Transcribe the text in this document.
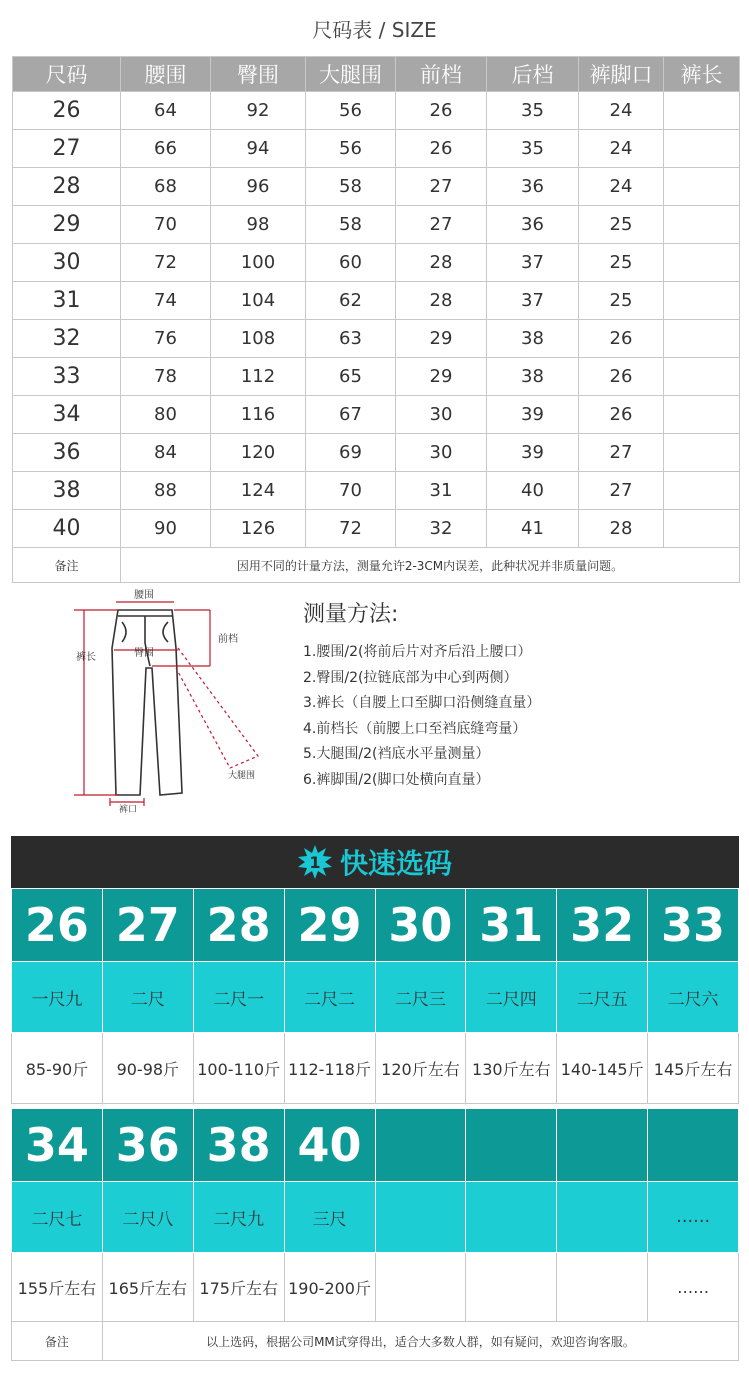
尺码表 / SIZE
尺码	腰围	臀围	大腿围	前档	后档	裤脚口	裤长
26	64	92	56	26	35	24	
27	66	94	56	26	35	24	
28	68	96	58	27	36	24	
29	70	98	58	27	36	25	
30	72	100	60	28	37	25	
31	74	104	62	28	37	25	
32	76	108	63	29	38	26	
33	78	112	65	29	38	26	
34	80	116	67	30	39	26	
36	84	120	69	30	39	27	
38	88	124	70	31	40	27	
40	90	126	72	32	41	28	
备注	因用不同的计量方法，测量允许2-3CM内误差，此种状况并非质量问题。						
腰围
前档
臀围
裤长
大腿围
裤口
测量方法:
1.腰围/2(将前后片对齐后沿上腰口）
2.臀围/2(拉链底部为中心到两侧）
3.裤长（自腰上口至脚口沿侧缝直量）
4.前档长（前腰上口至裆底缝弯量）
5.大腿围/2(裆底水平量测量）
6.裤脚围/2(脚口处横向直量）
1 快速选码
26	27	28	29	30	31	32	33
一尺九	二尺	二尺一	二尺二	二尺三	二尺四	二尺五	二尺六
85-90斤	90-98斤	100-110斤	112-118斤	120斤左右	130斤左右	140-145斤	145斤左右

34	36	38	40				
二尺七	二尺八	二尺九	三尺				……
155斤左右	165斤左右	175斤左右	190-200斤				……
备注	以上选码，根据公司MM试穿得出，适合大多数人群，如有疑问，欢迎咨询客服。						
